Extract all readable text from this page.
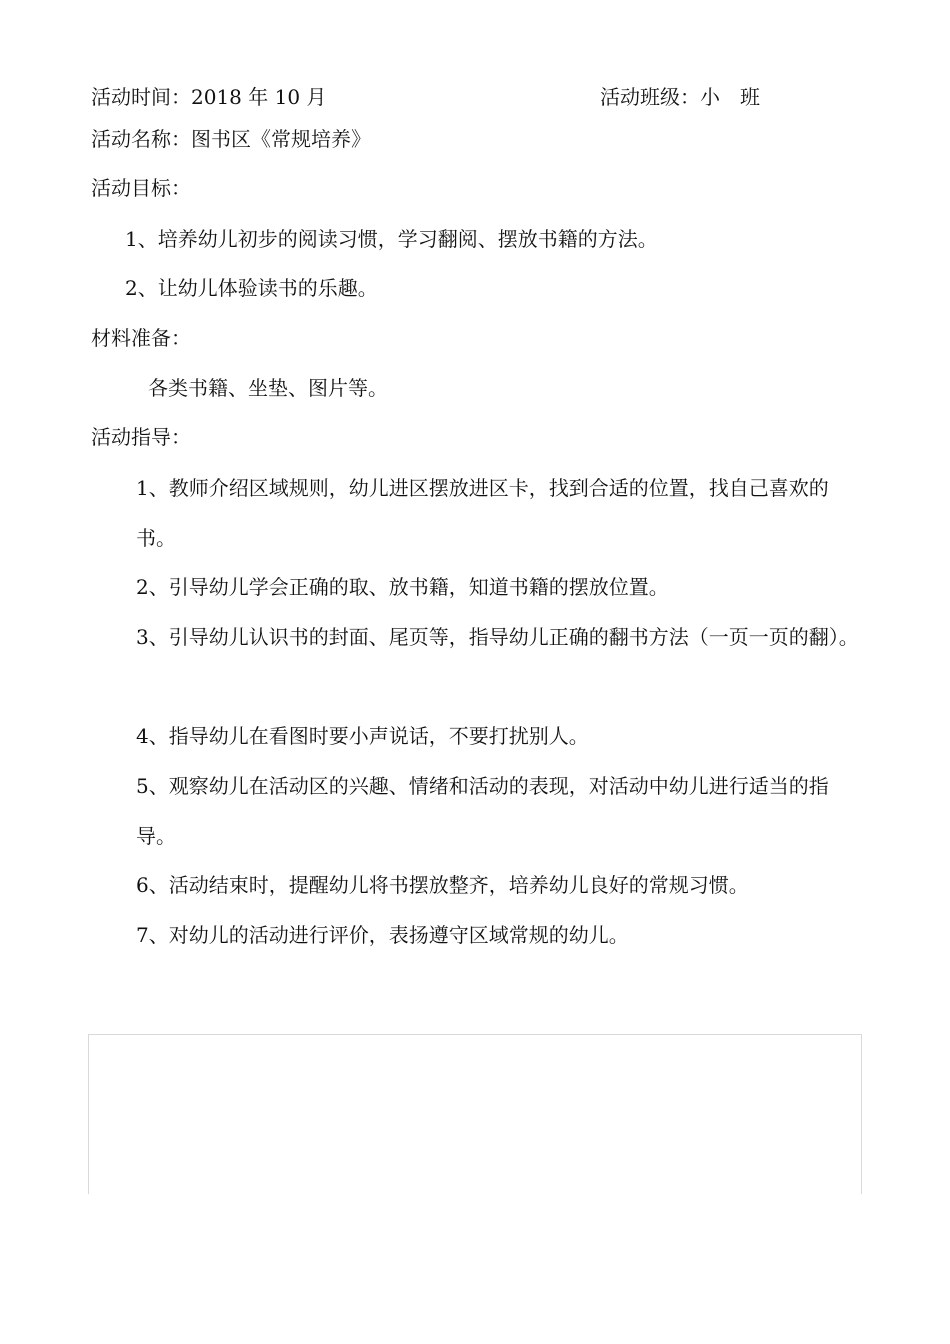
活动时间：2018 年 10 月	活动班级：小　班
活动名称：图书区《常规培养》
活动目标：
1、培养幼儿初步的阅读习惯，学习翻阅、摆放书籍的方法。
2、让幼儿体验读书的乐趣。
材料准备：
各类书籍、坐垫、图片等。
活动指导：
1、教师介绍区域规则，幼儿进区摆放进区卡，找到合适的位置，找自己喜欢的书。
2、引导幼儿学会正确的取、放书籍，知道书籍的摆放位置。
3、引导幼儿认识书的封面、尾页等，指导幼儿正确的翻书方法（一页一页的翻）。
4、指导幼儿在看图时要小声说话，不要打扰别人。
5、观察幼儿在活动区的兴趣、情绪和活动的表现，对活动中幼儿进行适当的指导。
6、活动结束时，提醒幼儿将书摆放整齐，培养幼儿良好的常规习惯。
7、对幼儿的活动进行评价，表扬遵守区域常规的幼儿。
